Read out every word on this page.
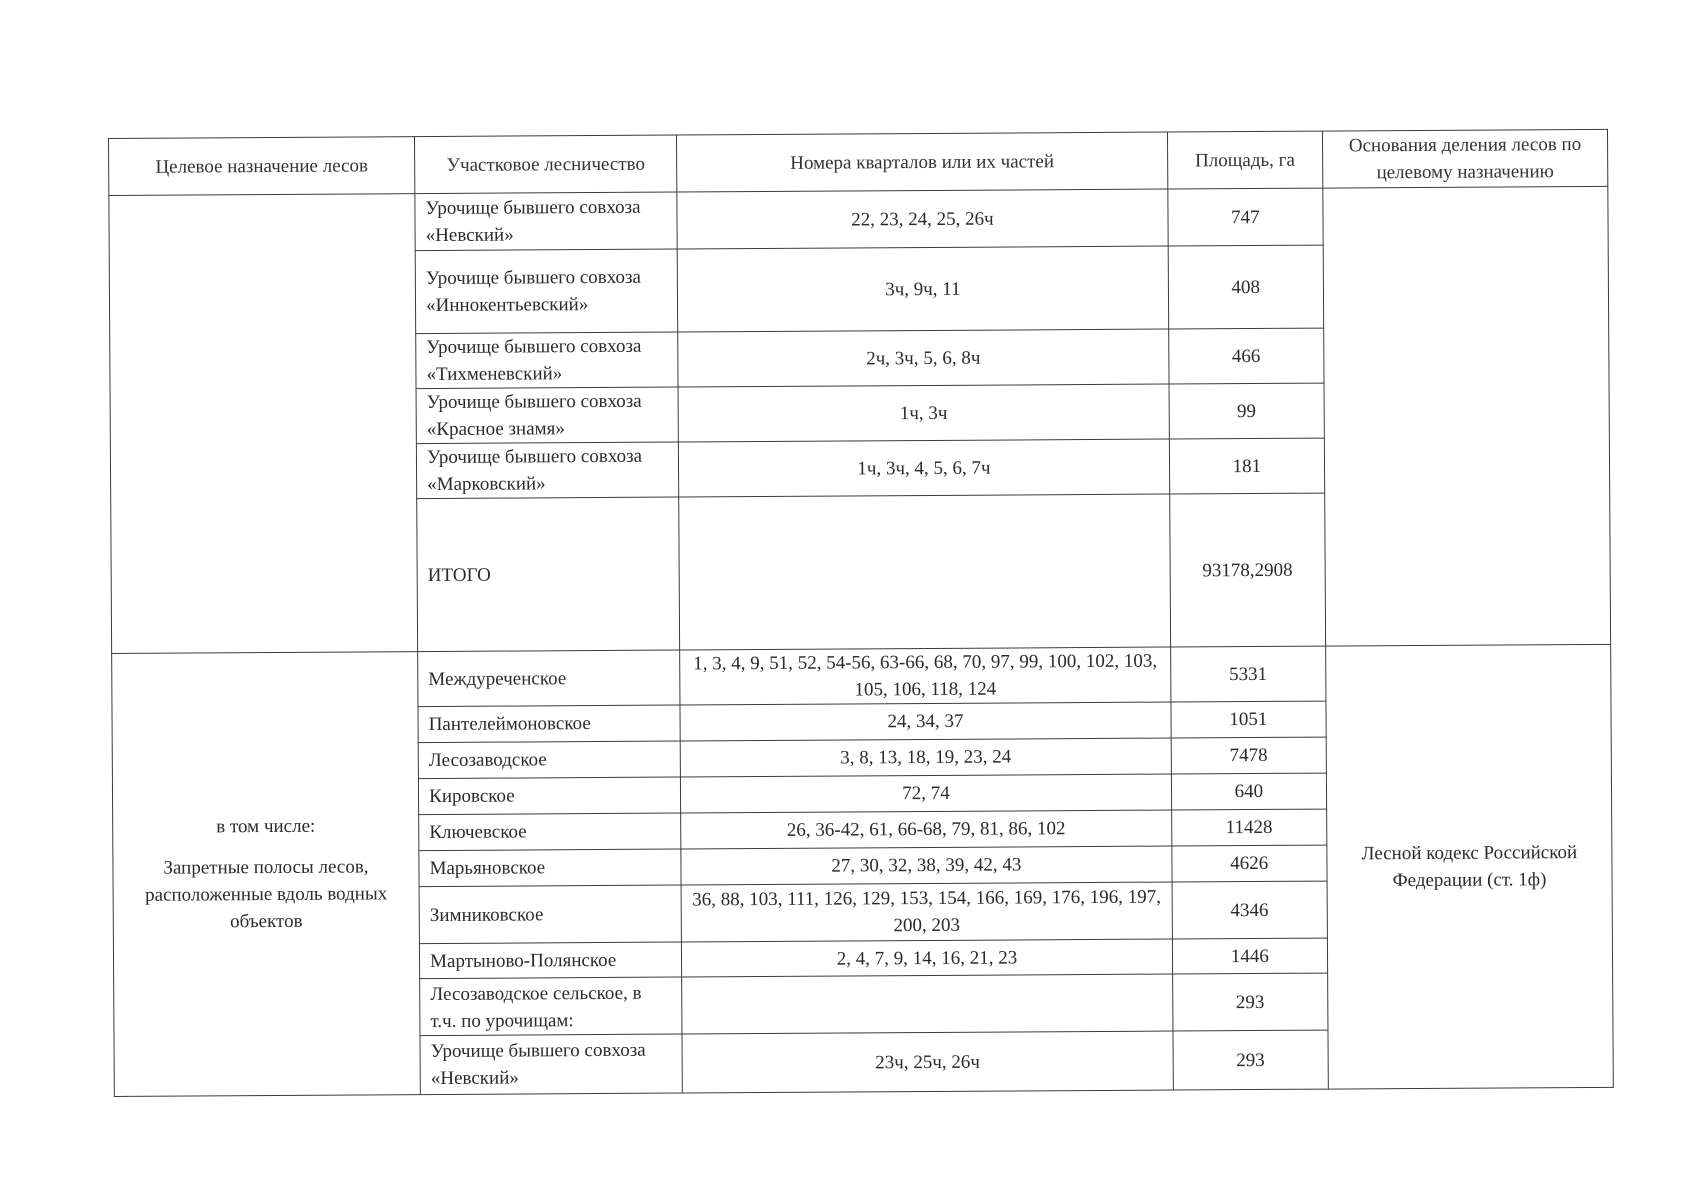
Целевое назначение лесов	Участковое лесничество	Номера кварталов или их частей	Площадь, га	Основания деления лесов по целевому назначению
	Урочище бывшего совхоза «Невский»	22, 23, 24, 25, 26ч	747	
	Урочище бывшего совхоза «Иннокентьевский»	3ч, 9ч, 11	408	
	Урочище бывшего совхоза «Тихменевский»	2ч, 3ч, 5, 6, 8ч	466	
	Урочище бывшего совхоза «Красное знамя»	1ч, 3ч	99	
	Урочище бывшего совхоза «Марковский»	1ч, 3ч, 4, 5, 6, 7ч	181	
	ИТОГО		93178,2908	

в том числе:
Запретные полосы лесов, расположенные вдоль водных объектов	Междуреченское	1, 3, 4, 9, 51, 52, 54-56, 63-66, 68, 70, 97, 99, 100, 102, 103, 105, 106, 118, 124	5331	Лесной кодекс Российской Федерации (ст. 1ф)
	Пантелеймоновское	24, 34, 37	1051	
	Лесозаводское	3, 8, 13, 18, 19, 23, 24	7478	
	Кировское	72, 74	640	
	Ключевское	26, 36-42, 61, 66-68, 79, 81, 86, 102	11428	
	Марьяновское	27, 30, 32, 38, 39, 42, 43	4626	
	Зимниковское	36, 88, 103, 111, 126, 129, 153, 154, 166, 169, 176, 196, 197, 200, 203	4346	
	Мартыново-Полянское	2, 4, 7, 9, 14, 16, 21, 23	1446	
	Лесозаводское сельское, в т.ч. по урочищам:		293	
	Урочище бывшего совхоза «Невский»	23ч, 25ч, 26ч	293	
